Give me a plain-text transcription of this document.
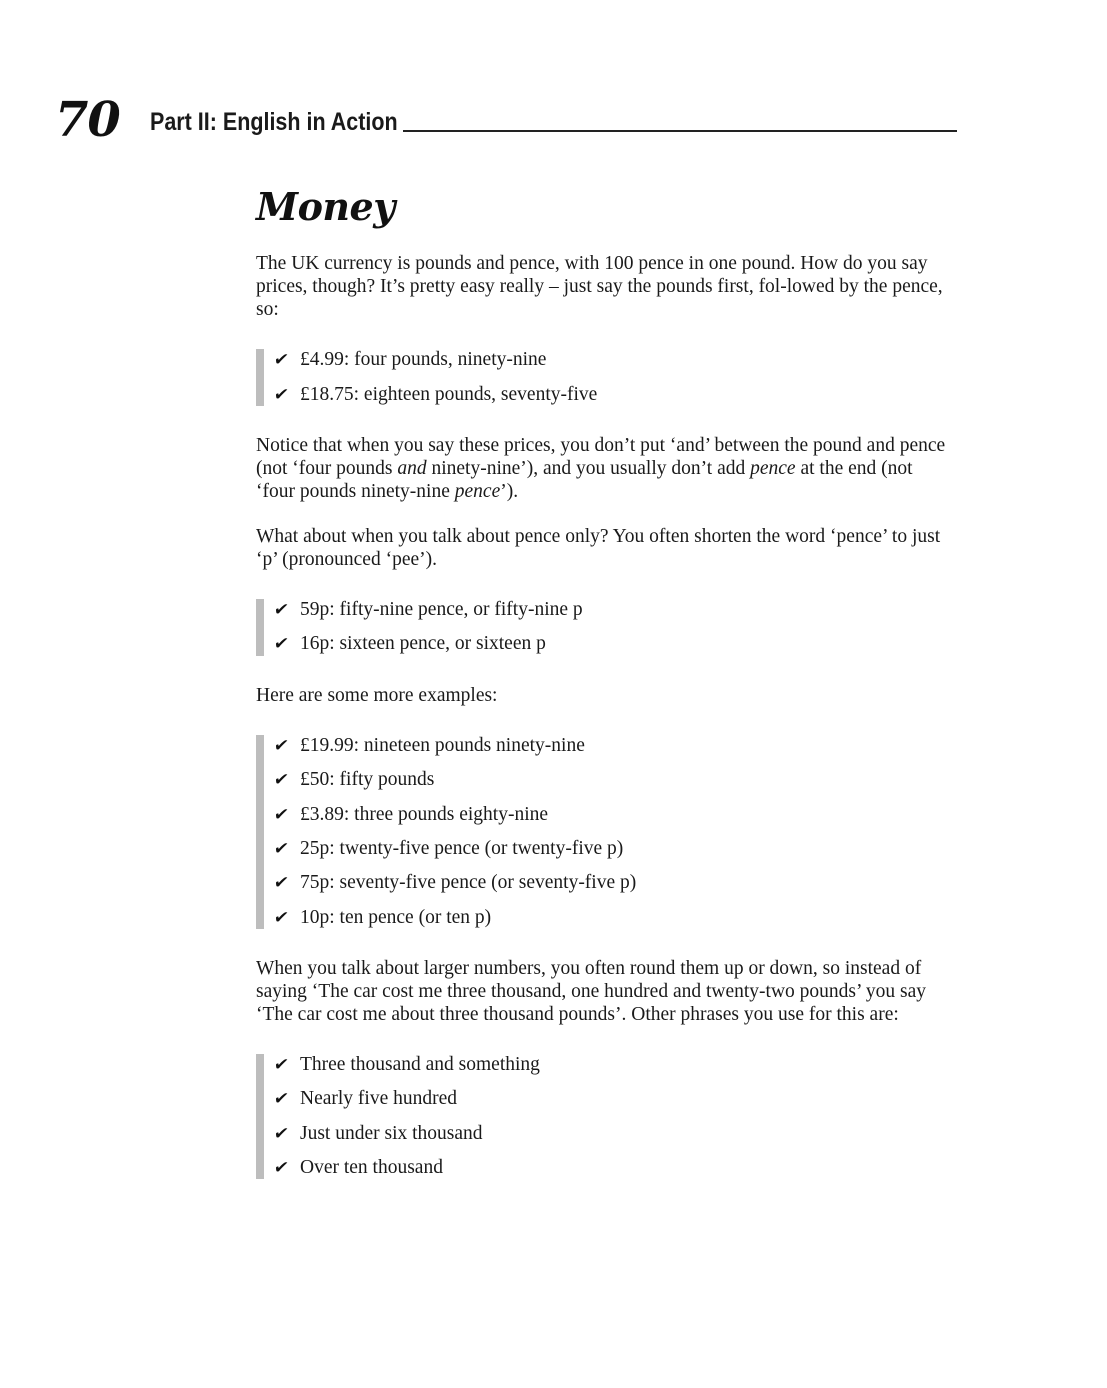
70 Part II: English in Action
Money

The UK currency is pounds and pence, with 100 pence in one pound. How do you say prices, though? It’s pretty easy really – just say the pounds first, fol-lowed by the pence, so:

✔ £4.99: four pounds, ninety-nine
✔ £18.75: eighteen pounds, seventy-five

Notice that when you say these prices, you don’t put ‘and’ between the pound and pence (not ‘four pounds and ninety-nine’), and you usually don’t add pence at the end (not ‘four pounds ninety-nine pence’).

What about when you talk about pence only? You often shorten the word ‘pence’ to just ‘p’ (pronounced ‘pee’).

✔ 59p: fifty-nine pence, or fifty-nine p
✔ 16p: sixteen pence, or sixteen p

Here are some more examples:

✔ £19.99: nineteen pounds ninety-nine
✔ £50: fifty pounds
✔ £3.89: three pounds eighty-nine
✔ 25p: twenty-five pence (or twenty-five p)
✔ 75p: seventy-five pence (or seventy-five p)
✔ 10p: ten pence (or ten p)

When you talk about larger numbers, you often round them up or down, so instead of saying ‘The car cost me three thousand, one hundred and twenty-two pounds’ you say ‘The car cost me about three thousand pounds’. Other phrases you use for this are:

✔ Three thousand and something
✔ Nearly five hundred
✔ Just under six thousand
✔ Over ten thousand
